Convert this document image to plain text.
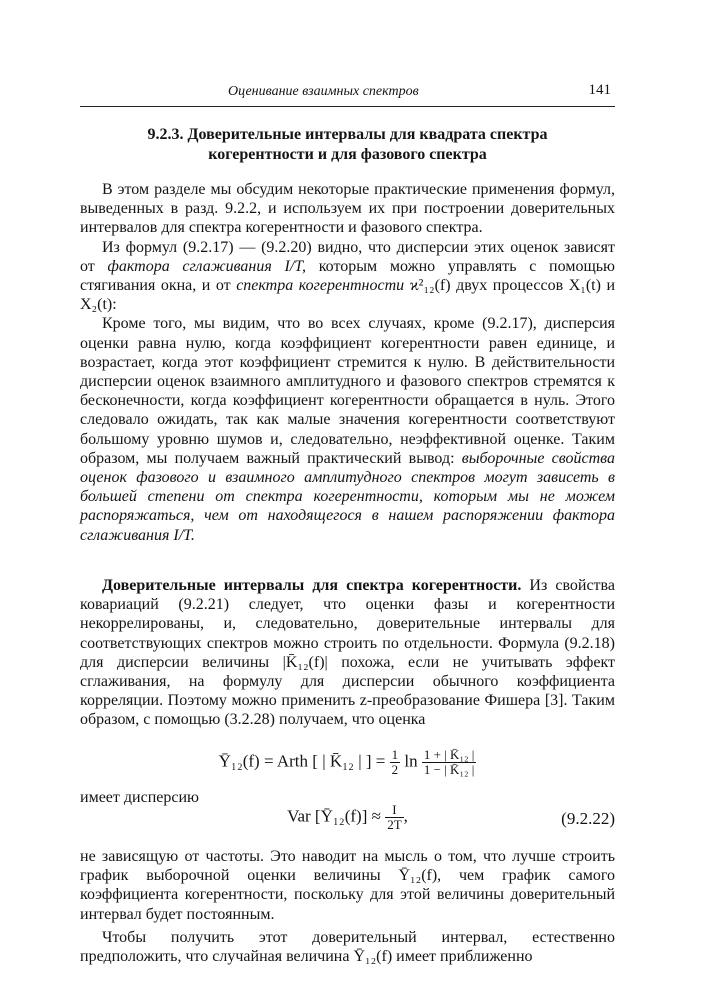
Оценивание взаимных спектров	141
9.2.3. Доверительные интервалы для квадрата спектра
когерентности и для фазового спектра

В этом разделе мы обсудим некоторые практические применения формул, выведенных в разд. 9.2.2, и используем их при построении доверительных интервалов для спектра когерентности и фазового спектра.

Из формул (9.2.17) — (9.2.20) видно, что дисперсии этих оценок зависят от фактора сглаживания I/T, которым можно управлять с помощью стягивания окна, и от спектра когерентности ϰ²₁₂(f) двух процессов X₁(t) и X₂(t):

Кроме того, мы видим, что во всех случаях, кроме (9.2.17), дисперсия оценки равна нулю, когда коэффициент когерентности равен единице, и возрастает, когда этот коэффициент стремится к нулю. В действительности дисперсии оценок взаимного амплитудного и фазового спектров стремятся к бесконечности, когда коэффициент когерентности обращается в нуль. Этого следовало ожидать, так как малые значения когерентности соответствуют большому уровню шумов и, следовательно, неэффективной оценке. Таким образом, мы получаем важный практический вывод: выборочные свойства оценок фазового и взаимного амплитудного спектров могут зависеть в большей степени от спектра когерентности, которым мы не можем распоряжаться, чем от находящегося в нашем распоряжении фактора сглаживания I/T.

Доверительные интервалы для спектра когерентности. Из свойства ковариаций (9.2.21) следует, что оценки фазы и когерентности некоррелированы, и, следовательно, доверительные интервалы для соответствующих спектров можно строить по отдельности. Формула (9.2.18) для дисперсии величины |K̄₁₂(f)| похожа, если не учитывать эффект сглаживания, на формулу для дисперсии обычного коэффициента корреляции. Поэтому можно применить z-преобразование Фишера [3]. Таким образом, с помощью (3.2.28) получаем, что оценка

Ȳ₁₂(f) = Arth [ | K̄₁₂ | ] = $\frac{1}{2}$ $\ln \frac{\text{1 + | K̄₁₂ |}}{\text{1 − | K̄₁₂ |}}$

имеет дисперсию

Var [Ȳ₁₂(f)] ≈ $\frac{I}{2T}$ ,	(9.2.22)

не зависящую от частоты. Это наводит на мысль о том, что лучше строить график выборочной оценки величины Ȳ₁₂(f), чем график самого коэффициента когерентности, поскольку для этой величины доверительный интервал будет постоянным.

Чтобы получить этот доверительный интервал, естественно предположить, что случайная величина Ȳ₁₂(f) имеет приближенно
